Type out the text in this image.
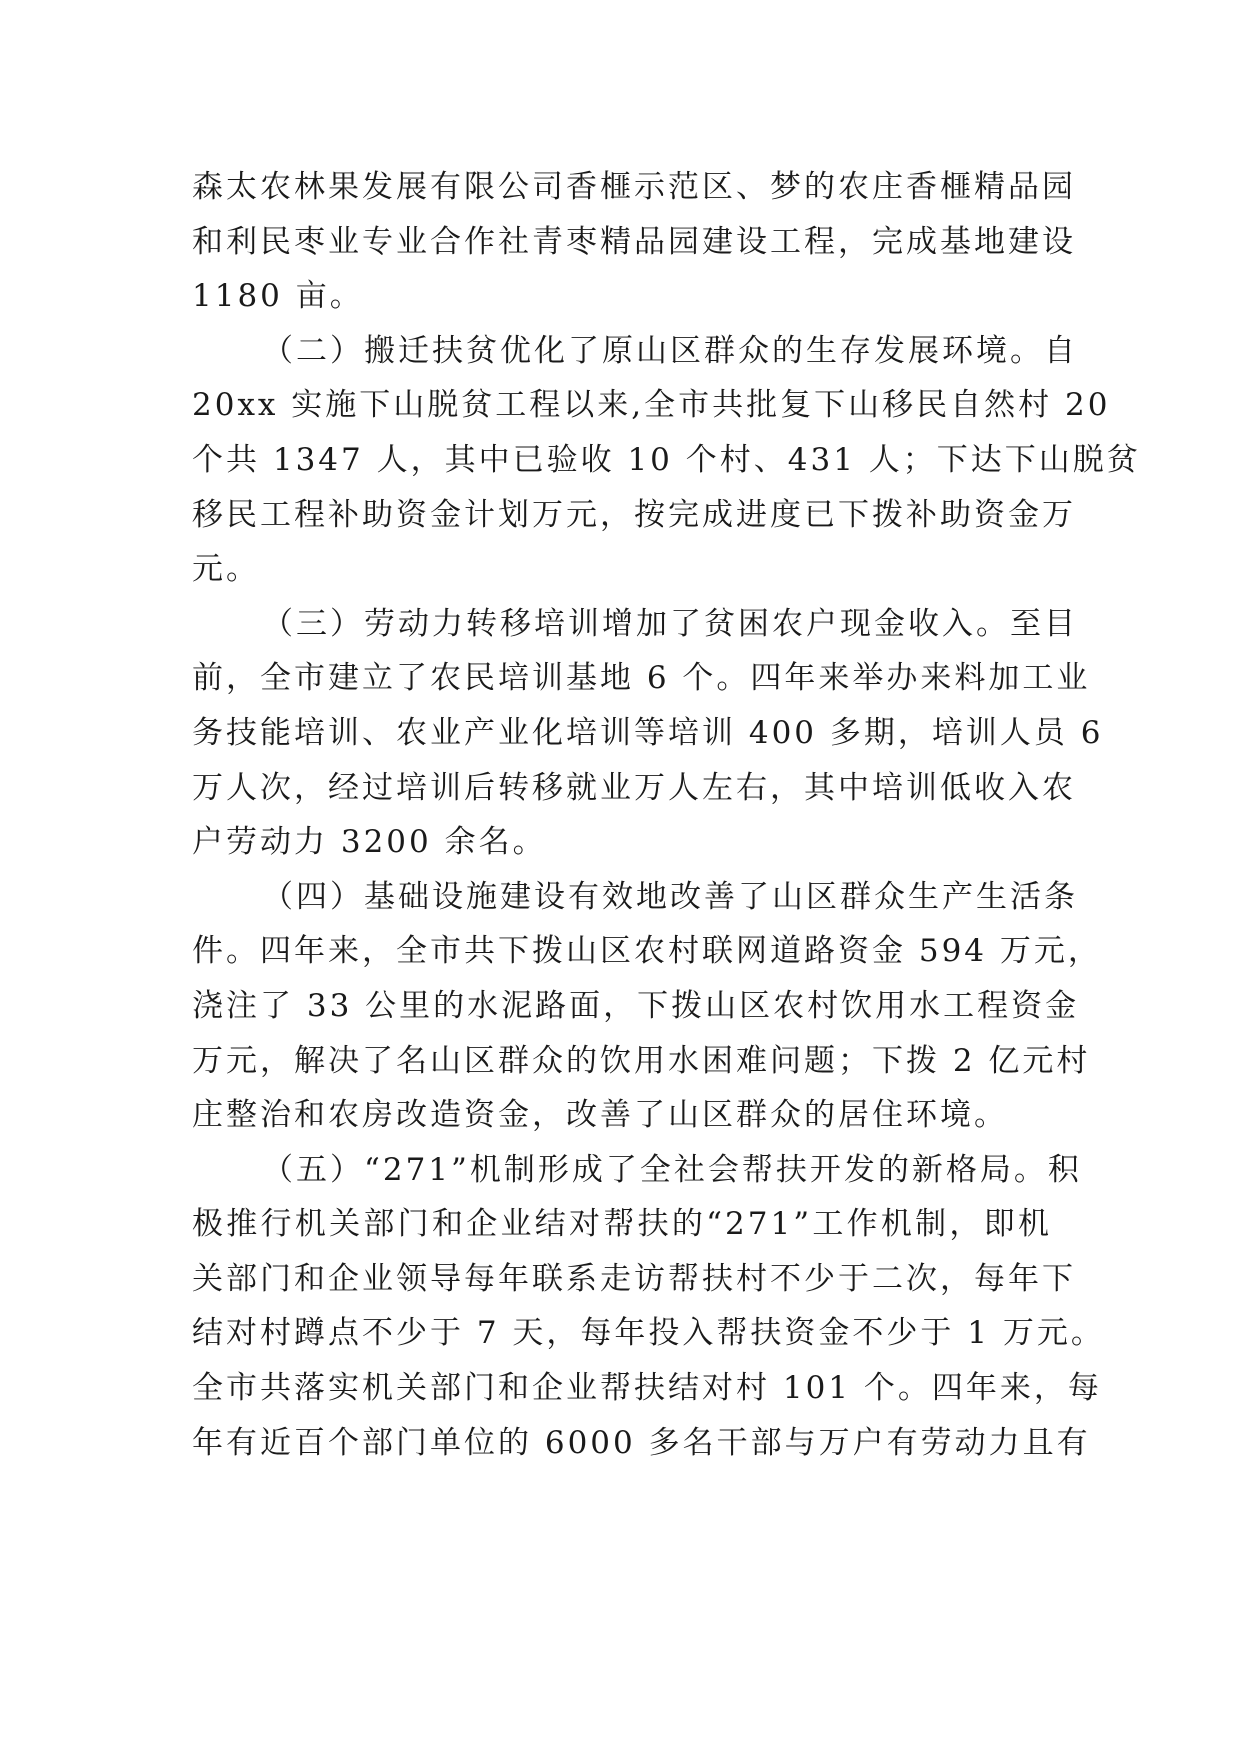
森太农林果发展有限公司香榧示范区、梦的农庄香榧精品园
和利民枣业专业合作社青枣精品园建设工程，完成基地建设
1180 亩。
（二）搬迁扶贫优化了原山区群众的生存发展环境。自
20xx 实施下山脱贫工程以来,全市共批复下山移民自然村 20
个共 1347 人，其中已验收 10 个村、431 人；下达下山脱贫
移民工程补助资金计划万元，按完成进度已下拨补助资金万
元。
（三）劳动力转移培训增加了贫困农户现金收入。至目
前，全市建立了农民培训基地 6 个。四年来举办来料加工业
务技能培训、农业产业化培训等培训 400 多期，培训人员 6
万人次，经过培训后转移就业万人左右，其中培训低收入农
户劳动力 3200 余名。
（四）基础设施建设有效地改善了山区群众生产生活条
件。四年来，全市共下拨山区农村联网道路资金 594 万元，
浇注了 33 公里的水泥路面，下拨山区农村饮用水工程资金
万元，解决了名山区群众的饮用水困难问题；下拨 2 亿元村
庄整治和农房改造资金，改善了山区群众的居住环境。
（五）“271”机制形成了全社会帮扶开发的新格局。积
极推行机关部门和企业结对帮扶的“271”工作机制，即机
关部门和企业领导每年联系走访帮扶村不少于二次，每年下
结对村蹲点不少于 7 天，每年投入帮扶资金不少于 1 万元。
全市共落实机关部门和企业帮扶结对村 101 个。四年来，每
年有近百个部门单位的 6000 多名干部与万户有劳动力且有
